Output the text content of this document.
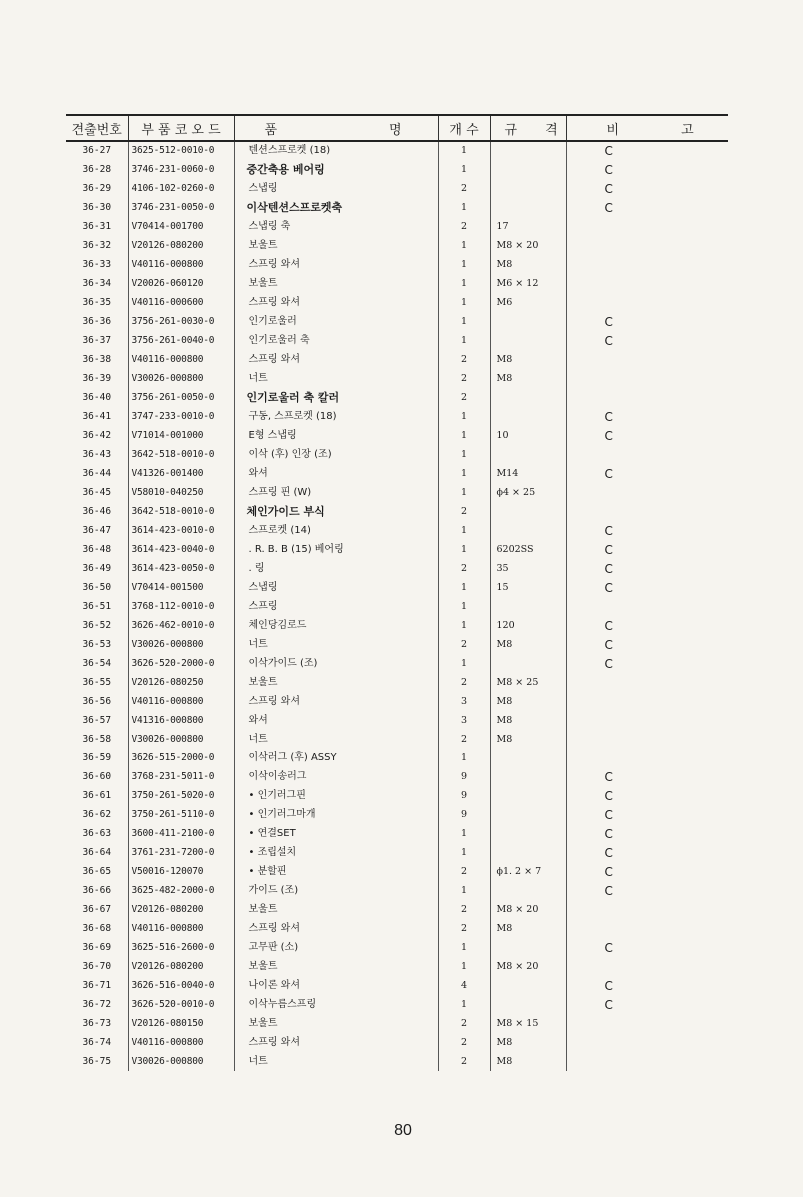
견출번호	부 품 코 오 드	품 명	개 수	규 격	비 고
36-27	3625-512-0010-0	텐션스프로켓 (18)	1		C
36-28	3746-231-0060-0	중간축용 베어링	1		C
36-29	4106-102-0260-0	스냅링	2		C
36-30	3746-231-0050-0	이삭텐션스프로켓축	1		C
36-31	V70414-001700	스냅링 축	2	17	
36-32	V20126-080200	보울트	1	M8 × 20	
36-33	V40116-000800	스프링 와셔	1	M8	
36-34	V20026-060120	보울트	1	M6 × 12	
36-35	V40116-000600	스프링 와셔	1	M6	
36-36	3756-261-0030-0	인기로울러	1		C
36-37	3756-261-0040-0	인기로울러 축	1		C
36-38	V40116-000800	스프링 와셔	2	M8	
36-39	V30026-000800	너트	2	M8	
36-40	3756-261-0050-0	인기로울러 축 칼러	2		
36-41	3747-233-0010-0	구동, 스프로켓 (18)	1		C
36-42	V71014-001000	E형 스냅링	1	10	C
36-43	3642-518-0010-0	이삭 (후) 인장 (조)	1		
36-44	V41326-001400	와셔	1	M14	C
36-45	V58010-040250	스프링 핀 (W)	1	ϕ4 × 25	
36-46	3642-518-0010-0	체인가이드 부식	2		
36-47	3614-423-0010-0	스프로켓 (14)	1		C
36-48	3614-423-0040-0	. R. B. B (15) 베어링	1	6202SS	C
36-49	3614-423-0050-0	. 링	2	35	C
36-50	V70414-001500	스냅링	1	15	C
36-51	3768-112-0010-0	스프링	1		
36-52	3626-462-0010-0	체인당김로드	1	120	C
36-53	V30026-000800	너트	2	M8	C
36-54	3626-520-2000-0	이삭가이드 (조)	1		C
36-55	V20126-080250	보울트	2	M8 × 25	
36-56	V40116-000800	스프링 와셔	3	M8	
36-57	V41316-000800	와셔	3	M8	
36-58	V30026-000800	너트	2	M8	
36-59	3626-515-2000-0	이삭러그 (후) ASSY	1		
36-60	3768-231-5011-0	이삭이송러그	9		C
36-61	3750-261-5020-0	• 인기러그핀	9		C
36-62	3750-261-5110-0	• 인기러그마개	9		C
36-63	3600-411-2100-0	• 연결SET	1		C
36-64	3761-231-7200-0	• 조립설치	1		C
36-65	V50016-120070	• 분할핀	2	ϕ1. 2 × 7	C
36-66	3625-482-2000-0	가이드 (조)	1		C
36-67	V20126-080200	보울트	2	M8 × 20	
36-68	V40116-000800	스프링 와셔	2	M8	
36-69	3625-516-2600-0	고무판 (소)	1		C
36-70	V20126-080200	보울트	1	M8 × 20	
36-71	3626-516-0040-0	나이론 와셔	4		C
36-72	3626-520-0010-0	이삭누름스프링	1		C
36-73	V20126-080150	보울트	2	M8 × 15	
36-74	V40116-000800	스프링 와셔	2	M8	
36-75	V30026-000800	너트	2	M8	
80
